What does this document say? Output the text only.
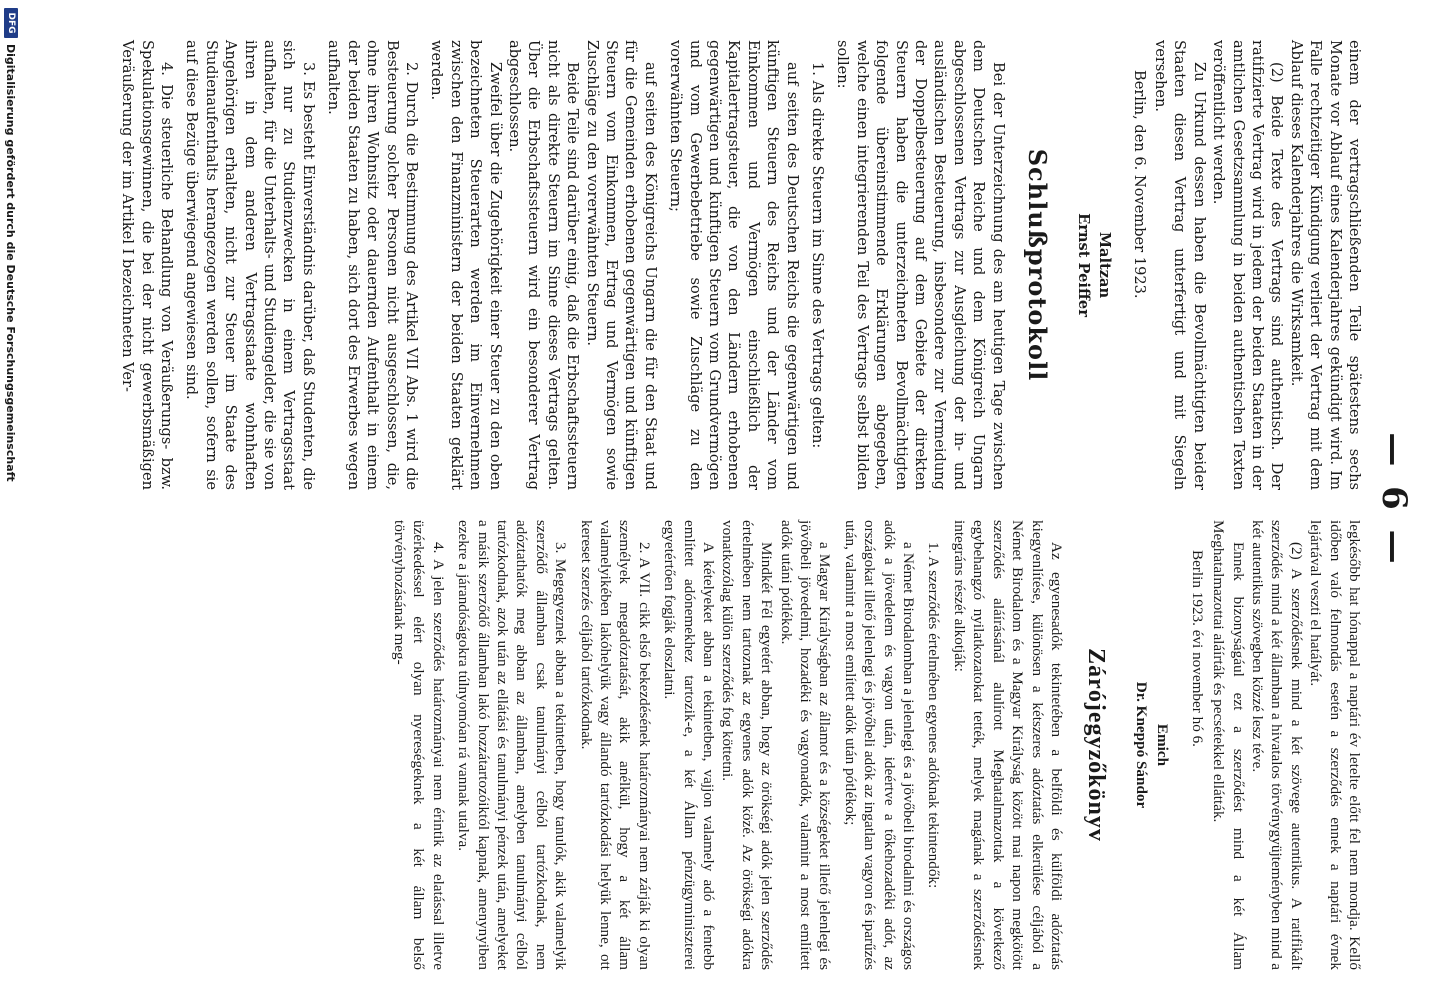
— 6 —

einem der vertragschließenden Teile spätestens sechs Monate vor Ablauf eines Kalenderjahres gekündigt wird. Im Falle rechtzeitiger Kündigung verliert der Vertrag mit dem Ablauf dieses Kalenderjahres die Wirksamkeit.

(2) Beide Texte des Vertrags sind authentisch. Der ratifizierte Vertrag wird in jedem der beiden Staaten in der amtlichen Gesetzsammlung in beiden authentischen Texten veröffentlicht werden.

Zu Urkund dessen haben die Bevollmächtigten beider Staaten diesen Vertrag unterfertigt und mit Siegeln versehen.

Berlin, den 6. November 1923.

Maltzan
Ernst Peiffer
Schlußprotokoll

Bei der Unterzeichnung des am heutigen Tage zwischen dem Deutschen Reiche und dem Königreich Ungarn abgeschlossenen Vertrags zur Ausgleichung der in- und ausländischen Besteuerung, insbesondere zur Vermeidung der Doppelbesteuerung auf dem Gebiete der direkten Steuern haben die unterzeichneten Bevollmächtigten folgende übereinstimmende Erklärungen abgegeben, welche einen integrierenden Teil des Vertrags selbst bilden sollen:

1. Als direkte Steuern im Sinne des Vertrags gelten:

auf seiten des Deutschen Reichs die gegenwärtigen und künftigen Steuern des Reichs und der Länder vom Einkommen und Vermögen einschließlich der Kapitalertragsteuer, die von den Ländern erhobenen gegenwärtigen und künftigen Steuern vom Grundvermögen und vom Gewerbebetriebe sowie Zuschläge zu den vorerwähnten Steuern;

auf seiten des Königreichs Ungarn die für den Staat und für die Gemeinden erhobenen gegenwärtigen und künftigen Steuern vom Einkommen, Ertrag und Vermögen sowie Zuschläge zu den vorerwähnten Steuern.

Beide Teile sind darüber einig, daß die Erbschaftssteuern nicht als direkte Steuern im Sinne dieses Vertrags gelten. Über die Erbschaftssteuern wird ein besonderer Vertrag abgeschlossen.

Zweifel über die Zugehörigkeit einer Steuer zu den oben bezeichneten Steuerarten werden im Einvernehmen zwischen den Finanzministern der beiden Staaten geklärt werden.

2. Durch die Bestimmung des Artikel VII Abs. 1 wird die Besteuerung solcher Personen nicht ausgeschlossen, die, ohne ihren Wohnsitz oder dauernden Aufenthalt in einem der beiden Staaten zu haben, sich dort des Erwerbes wegen aufhalten.

3. Es besteht Einverständnis darüber, daß Studenten, die sich nur zu Studienzwecken in einem Vertragsstaat aufhalten, für die Unterhalts- und Studiengelder, die sie von ihren in dem anderen Vertragsstaate wohnhaften Angehörigen erhalten, nicht zur Steuer im Staate des Studienaufenthalts herangezogen werden sollen, sofern sie auf diese Bezüge überwiegend angewiesen sind.

4. Die steuerliche Behandlung von Veräußerungs- bzw. Spekulationsgewinnen, die bei der nicht gewerbsmäßigen Veräußerung der im Artikel I bezeichneten Ver-

legkésőbb hat hónappal a naptári év letelte előtt fel nem mondja. Kellő időben való felmondás esetén a szerződés ennek a naptári évnek lejártával veszti el hatályát.

(2) A szerződésnek mind a két szövege autentikus. A ratifikált szerződés mind a két államban a hivatalos törvénygyüjteményben mind a két autentikus szövegben közzé lesz téve.

Ennek bizonyságául ezt a szerződést mind a két Állam Meghatalmazottai aláírták és pecsétekkel ellátták.

Berlin 1923. évi november hó 6.

Emich
Dr. Kneppó Sándor
Zárójegyzőkönyv

Az egyenesadók tekintetében a belföldi és külföldi adóztatás kiegyenlítése, különösen a kétszeres adóztatás elkerülése céljából a Német Birodalom és a Magyar Királyság között mai napon megkötött szerződés aláírásánál alulírott Meghatalmazottak a következő egybehangzó nyilatkozatokat tették, melyek magának a szerződésnek integráns részét alkotják:

1. A szerződés értelmében egyenes adóknak tekintendők:

a Német Birodalomban a jelenlegi és a jövőbeli birodalmi és országos adók a jövedelem és vagyon után, ideértve a tőkehozadéki adót, az országokat illető jelenlegi és jövőbeli adók az ingatlan vagyon és iparűzés után, valamint a most említett adók után pótlékok;

a Magyar Királyságban az államot és a községeket illető jelenlegi és jövőbeli jövedelmi, hozadéki és vagyonadók, valamint a most említett adók utáni pótlékok.

Mindkét Fél egyetért abban, hogy az örökségi adók jelen szerződés értelmében nem tartoznak az egyenes adók közé. Az örökségi adókra vonatkozólag külön szerződés fog köttetni.

A kételyeket abban a tekintetben, vajjon valamely adó a fentebb említett adónemekhez tartozik-e, a két Állam pénzügyminiszterei egyetértően fogják eloszlatni.

2. A VII. cikk első bekezdésének határozmányai nem zárják ki olyan személyek megadóztatását, akik anélkül, hogy a két állam valamelyikében lakóhelyük vagy állandó tartózkodási helyük lenne, ott kereset szerzés céljából tartózkodnak.

3. Megegyeznek abban a tekintetben, hogy tanulók, akik valamelyik szerződő államban csak tanulmányi célból tartózkodnak, nem adóztathatók meg abban az államban, amelyben tanulmányi célból tartózkodnak, azok után az ellátási és tanulmányi pénzek után, amelyeket a másik szerződő államban lakó hozzátartozóiktól kapnak, amenynyiben ezekre a járandóságokra túlnyomóan rá vannak utalva.

4. A jelen szerződés határozmányai nem érintik az elatással illetve üzérkedéssel elért olyan nyereségeknek a két állam belső törvényhozásának meg-

DFG
Digitalisierung gefördert durch die Deutsche Forschungsgemeinschaft
